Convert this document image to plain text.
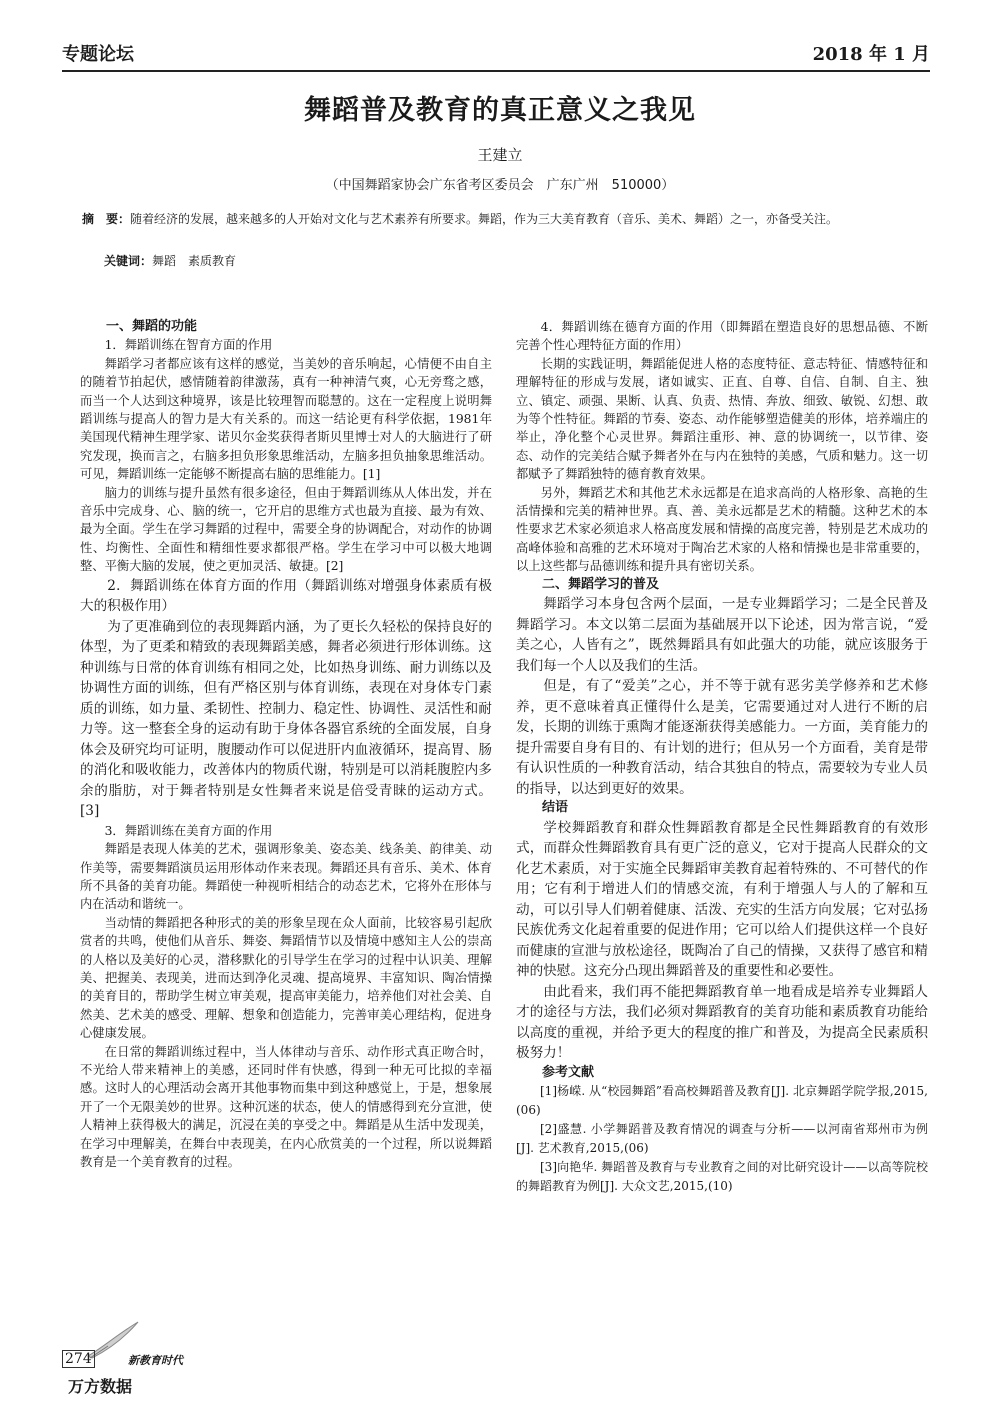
专题论坛	2018 年 1 月
舞蹈普及教育的真正意义之我见
王建立
（中国舞蹈家协会广东省考区委员会　广东广州　510000）
摘　要：随着经济的发展，越来越多的人开始对文化与艺术素养有所要求。舞蹈，作为三大美育教育（音乐、美术、舞蹈）之一，亦备受关注。
关键词：舞蹈　素质教育

一、舞蹈的功能

1．舞蹈训练在智育方面的作用

舞蹈学习者都应该有这样的感觉，当美妙的音乐响起，心情便不由自主的随着节拍起伏，感情随着韵律激荡，真有一种神清气爽，心无旁骛之感，而当一个人达到这种境界，该是比较理智而聪慧的。这在一定程度上说明舞蹈训练与提高人的智力是大有关系的。而这一结论更有科学依据，1981年美国现代精神生理学家、诺贝尔金奖获得者斯贝里博士对人的大脑进行了研究发现，换而言之，右脑多担负形象思维活动，左脑多担负抽象思维活动。可见，舞蹈训练一定能够不断提高右脑的思维能力。[1]

脑力的训练与提升虽然有很多途径，但由于舞蹈训练从人体出发，并在音乐中完成身、心、脑的统一，它开启的思维方式也最为直接、最为有效、最为全面。学生在学习舞蹈的过程中，需要全身的协调配合，对动作的协调性、均衡性、全面性和精细性要求都很严格。学生在学习中可以极大地调整、平衡大脑的发展，使之更加灵活、敏捷。[2]

2．舞蹈训练在体育方面的作用（舞蹈训练对增强身体素质有极大的积极作用）

为了更准确到位的表现舞蹈内涵，为了更长久轻松的保持良好的体型，为了更柔和精致的表现舞蹈美感，舞者必须进行形体训练。这种训练与日常的体育训练有相同之处，比如热身训练、耐力训练以及协调性方面的训练，但有严格区别与体育训练，表现在对身体专门素质的训练，如力量、柔韧性、控制力、稳定性、协调性、灵活性和耐力等。这一整套全身的运动有助于身体各器官系统的全面发展，自身体会及研究均可证明，腹腰动作可以促进肝内血液循环，提高胃、肠的消化和吸收能力，改善体内的物质代谢，特别是可以消耗腹腔内多余的脂肪，对于舞者特别是女性舞者来说是倍受青睐的运动方式。[3]

3．舞蹈训练在美育方面的作用

舞蹈是表现人体美的艺术，强调形象美、姿态美、线条美、韵律美、动作美等，需要舞蹈演员运用形体动作来表现。舞蹈还具有音乐、美术、体育所不具备的美育功能。舞蹈使一种视听相结合的动态艺术，它将外在形体与内在活动和谐统一。

当动情的舞蹈把各种形式的美的形象呈现在众人面前，比较容易引起欣赏者的共鸣，使他们从音乐、舞姿、舞蹈情节以及情境中感知主人公的崇高的人格以及美好的心灵，潜移默化的引导学生在学习的过程中认识美、理解美、把握美、表现美，进而达到净化灵魂、提高境界、丰富知识、陶冶情操的美育目的，帮助学生树立审美观，提高审美能力，培养他们对社会美、自然美、艺术美的感受、理解、想象和创造能力，完善审美心理结构，促进身心健康发展。

在日常的舞蹈训练过程中，当人体律动与音乐、动作形式真正吻合时，不光给人带来精神上的美感，还同时伴有快感，得到一种无可比拟的幸福感。这时人的心理活动会离开其他事物而集中到这种感觉上，于是，想象展开了一个无限美妙的世界。这种沉迷的状态，使人的情感得到充分宣泄，使人精神上获得极大的满足，沉浸在美的享受之中。舞蹈是从生活中发现美，在学习中理解美，在舞台中表现美，在内心欣赏美的一个过程，所以说舞蹈教育是一个美育教育的过程。

4．舞蹈训练在德育方面的作用（即舞蹈在塑造良好的思想品德、不断完善个性心理特征方面的作用）

长期的实践证明，舞蹈能促进人格的态度特征、意志特征、情感特征和理解特征的形成与发展，诸如诚实、正直、自尊、自信、自制、自主、独立、镇定、顽强、果断、认真、负责、热情、奔放、细致、敏锐、幻想、敢为等个性特征。舞蹈的节奏、姿态、动作能够塑造健美的形体，培养端庄的举止，净化整个心灵世界。舞蹈注重形、神、意的协调统一，以节律、姿态、动作的完美结合赋予舞者外在与内在独特的美感，气质和魅力。这一切都赋予了舞蹈独特的德育教育效果。

另外，舞蹈艺术和其他艺术永远都是在追求高尚的人格形象、高艳的生活情操和完美的精神世界。真、善、美永远都是艺术的精髓。这种艺术的本性要求艺术家必须追求人格高度发展和情操的高度完善，特别是艺术成功的高峰体验和高雅的艺术环境对于陶冶艺术家的人格和情操也是非常重要的，以上这些都与品德训练和提升具有密切关系。

二、舞蹈学习的普及

舞蹈学习本身包含两个层面，一是专业舞蹈学习；二是全民普及舞蹈学习。本文以第二层面为基础展开以下论述，因为常言说，“爱美之心，人皆有之”，既然舞蹈具有如此强大的功能，就应该服务于我们每一个人以及我们的生活。

但是，有了“爱美”之心，并不等于就有恶劣美学修养和艺术修养，更不意味着真正懂得什么是美，它需要通过对人进行不断的启发，长期的训练于熏陶才能逐渐获得美感能力。一方面，美育能力的提升需要自身有目的、有计划的进行；但从另一个方面看，美育是带有认识性质的一种教育活动，结合其独自的特点，需要较为专业人员的指导，以达到更好的效果。

结语

学校舞蹈教育和群众性舞蹈教育都是全民性舞蹈教育的有效形式，而群众性舞蹈教育具有更广泛的意义，它对于提高人民群众的文化艺术素质，对于实施全民舞蹈审美教育起着特殊的、不可替代的作用；它有利于增进人们的情感交流，有利于增强人与人的了解和互动，可以引导人们朝着健康、活泼、充实的生活方向发展；它对弘扬民族优秀文化起着重要的促进作用；它可以给人们提供这样一个良好而健康的宣泄与放松途径，既陶冶了自己的情操，又获得了感官和精神的快慰。这充分凸现出舞蹈普及的重要性和必要性。

由此看来，我们再不能把舞蹈教育单一地看成是培养专业舞蹈人才的途径与方法，我们必须对舞蹈教育的美育功能和素质教育功能给以高度的重视，并给予更大的程度的推广和普及，为提高全民素质积极努力！

参考文献

[1]杨嵘. 从“校园舞蹈”看高校舞蹈普及教育[J]. 北京舞蹈学院学报,2015,(06)

[2]盛慧. 小学舞蹈普及教育情况的调查与分析——以河南省郑州市为例[J]. 艺术教育,2015,(06)

[3]向艳华. 舞蹈普及教育与专业教育之间的对比研究设计——以高等院校的舞蹈教育为例[J]. 大众文艺,2015,(10)

274	新教育时代
万方数据
